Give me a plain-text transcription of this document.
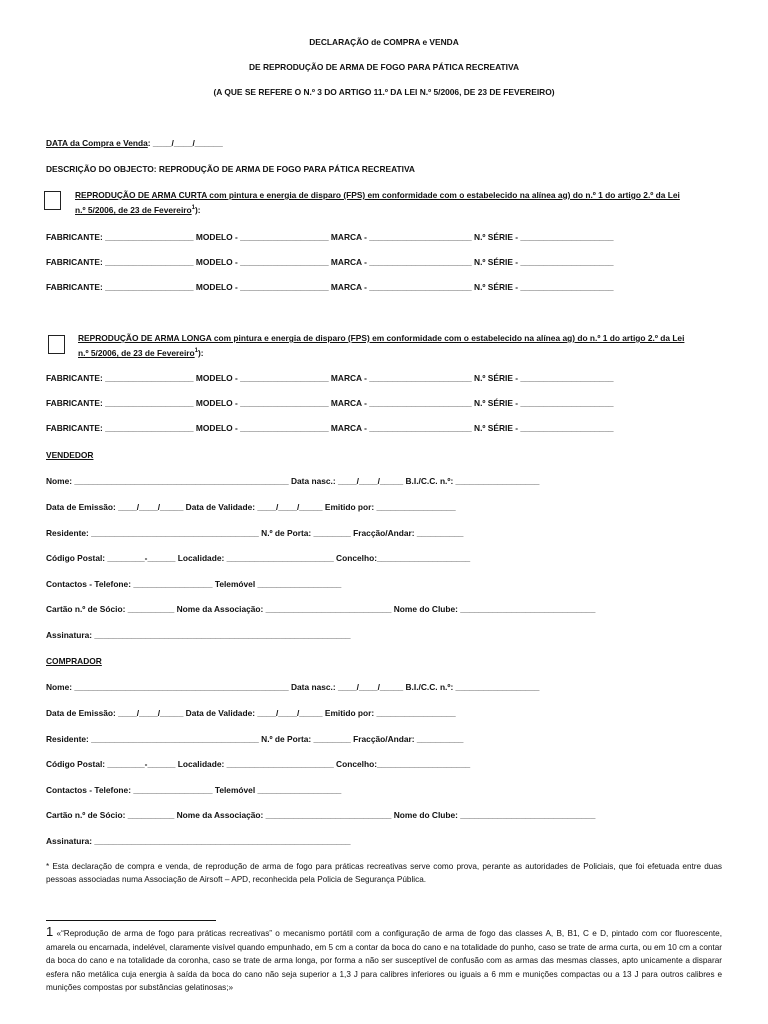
DECLARAÇÃO de COMPRA e VENDA
DE REPRODUÇÃO DE ARMA DE FOGO PARA PÁTICA RECREATIVA
(A QUE SE REFERE O N.º 3 DO ARTIGO 11.º DA LEI N.º 5/2006, DE 23 DE FEVEREIRO)
DATA da Compra e Venda: ____/____/______
DESCRIÇÃO DO OBJECTO: REPRODUÇÃO DE ARMA DE FOGO PARA PÁTICA RECREATIVA
REPRODUÇÃO DE ARMA CURTA com pintura e energia de disparo (FPS) em conformidade com o estabelecido na alínea ag) do n.º 1 do artigo 2.º da Lei
n.º 5/2006, de 23 de Fevereiro$^1$):
FABRICANTE: ___________________ MODELO - ___________________ MARCA - ______________________ N.º SÉRIE - ____________________
FABRICANTE: ___________________ MODELO - ___________________ MARCA - ______________________ N.º SÉRIE - ____________________
FABRICANTE: ___________________ MODELO - ___________________ MARCA - ______________________ N.º SÉRIE - ____________________
REPRODUÇÃO DE ARMA LONGA com pintura e energia de disparo (FPS) em conformidade com o estabelecido na alínea ag) do n.º 1 do artigo 2.º da Lei
n.º 5/2006, de 23 de Fevereiro$^1$):
FABRICANTE: ___________________ MODELO - ___________________ MARCA - ______________________ N.º SÉRIE - ____________________
FABRICANTE: ___________________ MODELO - ___________________ MARCA - ______________________ N.º SÉRIE - ____________________
FABRICANTE: ___________________ MODELO - ___________________ MARCA - ______________________ N.º SÉRIE - ____________________
VENDEDOR
Nome: ______________________________________________ Data nasc.: ____/____/_____ B.I./C.C. n.º: __________________
Data de Emissão: ____/____/_____ Data de Validade: ____/____/_____ Emitido por: _________________
Residente: ____________________________________ N.º de Porta: ________ Fracção/Andar: __________
Código Postal: ________-______ Localidade: _______________________ Concelho:____________________
Contactos - Telefone: _________________ Telemóvel __________________
Cartão n.º de Sócio: __________ Nome da Associação: ___________________________ Nome do Clube: _____________________________
Assinatura: _______________________________________________________
COMPRADOR
Nome: ______________________________________________ Data nasc.: ____/____/_____ B.I./C.C. n.º: __________________
Data de Emissão: ____/____/_____ Data de Validade: ____/____/_____ Emitido por: _________________
Residente: ____________________________________ N.º de Porta: ________ Fracção/Andar: __________
Código Postal: ________-______ Localidade: _______________________ Concelho:____________________
Contactos - Telefone: _________________ Telemóvel __________________
Cartão n.º de Sócio: __________ Nome da Associação: ___________________________ Nome do Clube: _____________________________
Assinatura: _______________________________________________________
* Esta declaração de compra e venda, de reprodução de arma de fogo para práticas recreativas serve como prova, perante as autoridades de Policiais, que foi efetuada entre duas pessoas associadas numa Associação de Airsoft – APD, reconhecida pela Policia de Segurança Pública.
1 «“Reprodução de arma de fogo para práticas recreativas” o mecanismo portátil com a configuração de arma de fogo das classes A, B, B1, C e D, pintado com cor fluorescente, amarela ou encarnada, indelével, claramente visível quando empunhado, em 5 cm a contar da boca do cano e na totalidade do punho, caso se trate de arma curta, ou em 10 cm a contar da boca do cano e na totalidade da coronha, caso se trate de arma longa, por forma a não ser susceptível de confusão com as armas das mesmas classes, apto unicamente a disparar esfera não metálica cuja energia à saída da boca do cano não seja superior a 1,3 J para calibres inferiores ou iguais a 6 mm e munições compactas ou a 13 J para outros calibres e munições compostas por substâncias gelatinosas;»
